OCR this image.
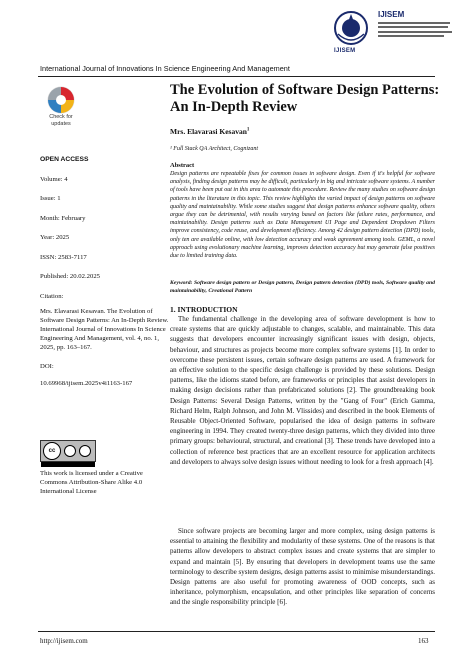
IJISEM
IJISEM
International Journal of Innovations In Science Engineering And Management
Check for updates
OPEN ACCESS
Volume: 4
Issue: 1
Month: February
Year: 2025
ISSN: 2583-7117
Published: 20.02.2025
Citation:
Mrs. Elavarasi Kesavan. The Evolution of Software Design Patterns: An In-Depth Review. International Journal of Innovations In Science Engineering And Management, vol. 4, no. 1, 2025, pp. 163–167.
DOI:
10.69968/ijisem.2025v4i1163-167
cc
This work is licensed under a Creative Commons Attribution-Share Alike 4.0 International License
The Evolution of Software Design Patterns: An In-Depth Review
Mrs. Elavarasi Kesavan$^1$
¹ Full Stack QA Architect, Cognizant
Abstract
Design patterns are repeatable fixes for common issues in software design. Even if it's helpful for software analysis, finding design patterns may be difficult, particularly in big and intricate software systems. A number of tools have been put out in this area to automate this procedure. Review the many studies on software design patterns in the literature in this topic. This review highlights the varied impact of design patterns on software quality and maintainability. While some studies suggest that design patterns enhance software quality, others argue they can be detrimental, with results varying based on factors like failure rates, performance, and maintainability. Design patterns such as Data Management UI Page and Dependent Dropdown Filters improve consistency, code reuse, and development efficiency. Among 42 design pattern detection (DPD) tools, only ten are available online, with low detection accuracy and weak agreement among tools. GEML, a novel approach using evolutionary machine learning, improves detection accuracy but may generate false positives due to limited training data.
Keyword: Software design pattern or Design pattern, Design pattern detection (DPD) tools, Software quality and maintainability, Creational Pattern
1. INTRODUCTION
The fundamental challenge in the developing area of software development is how to create systems that are quickly adjustable to changes, scalable, and maintainable. This data suggests that developers encounter increasingly significant issues with design, objects, behaviour, and structures as projects become more complex software systems [1]. In order to overcome these persistent issues, certain software design patterns are used. A framework for an effective solution to the specific design challenge is provided by these solutions. Design patterns, like the idioms stated before, are frameworks or principles that assist developers in making design decisions rather than prefabricated solutions [2]. The groundbreaking book Design Patterns: Several Design Patterns, written by the "Gang of Four" (Erich Gamma, Richard Helm, Ralph Johnson, and John M. Vlissides) and described in the book Elements of Reusable Object-Oriented Software, popularised the idea of design patterns in software engineering in 1994. They created twenty-three design patterns, which they divided into three primary groups: behavioural, structural, and creational [3]. These trends have developed into a collection of reference best practices that are an excellent resource for application architects and developers to always solve design issues without needing to look for a fresh approach [4].
Since software projects are becoming larger and more complex, using design patterns is essential to attaining the flexibility and modularity of these systems. One of the reasons is that patterns allow developers to abstract complex issues and create systems that are simpler to expand and maintain [5]. By ensuring that developers in development teams use the same terminology to describe system designs, design patterns assist to minimise misunderstandings. Design patterns are also useful for promoting awareness of OOD concepts, such as inheritance, polymorphism, encapsulation, and other principles like separation of concerns and the single responsibility principle [6].
http://ijisem.com	163
